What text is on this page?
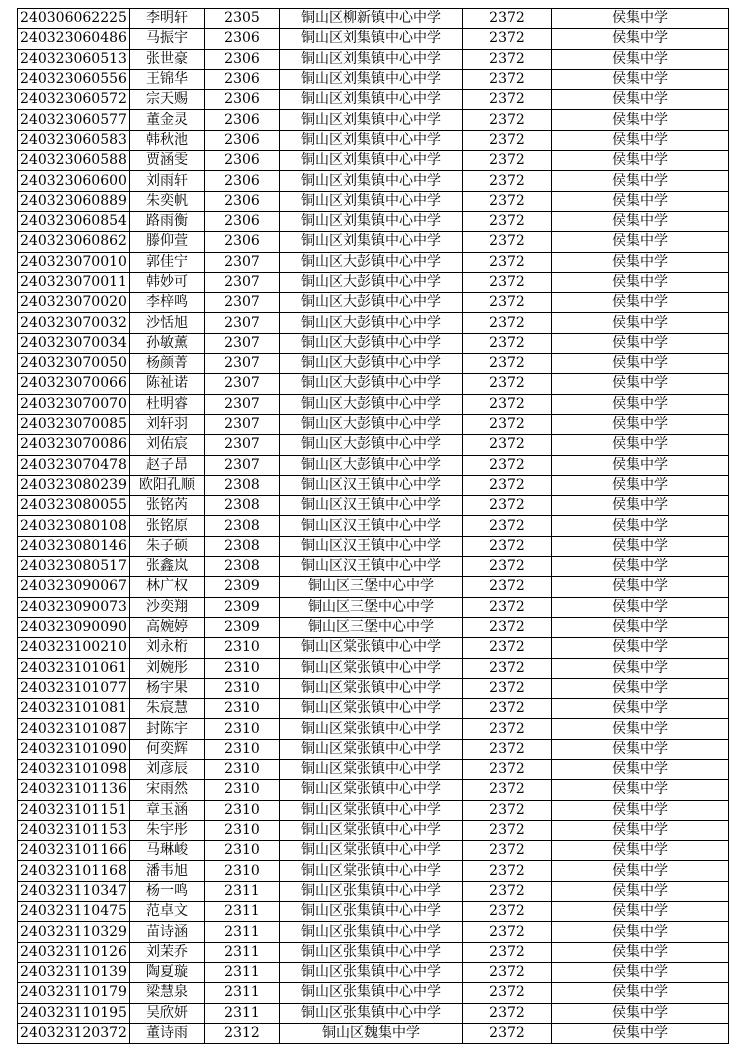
240306062225	李明轩	2305	铜山区柳新镇中心中学	2372	侯集中学
240323060486	马振宇	2306	铜山区刘集镇中心中学	2372	侯集中学
240323060513	张世豪	2306	铜山区刘集镇中心中学	2372	侯集中学
240323060556	王锦华	2306	铜山区刘集镇中心中学	2372	侯集中学
240323060572	宗天赐	2306	铜山区刘集镇中心中学	2372	侯集中学
240323060577	董金灵	2306	铜山区刘集镇中心中学	2372	侯集中学
240323060583	韩秋池	2306	铜山区刘集镇中心中学	2372	侯集中学
240323060588	贾涵雯	2306	铜山区刘集镇中心中学	2372	侯集中学
240323060600	刘雨轩	2306	铜山区刘集镇中心中学	2372	侯集中学
240323060889	朱奕帆	2306	铜山区刘集镇中心中学	2372	侯集中学
240323060854	路雨衡	2306	铜山区刘集镇中心中学	2372	侯集中学
240323060862	滕仰萱	2306	铜山区刘集镇中心中学	2372	侯集中学
240323070010	郭佳宁	2307	铜山区大彭镇中心中学	2372	侯集中学
240323070011	韩妙可	2307	铜山区大彭镇中心中学	2372	侯集中学
240323070020	李梓鸣	2307	铜山区大彭镇中心中学	2372	侯集中学
240323070032	沙恬旭	2307	铜山区大彭镇中心中学	2372	侯集中学
240323070034	孙敏薰	2307	铜山区大彭镇中心中学	2372	侯集中学
240323070050	杨颜菁	2307	铜山区大彭镇中心中学	2372	侯集中学
240323070066	陈祉诺	2307	铜山区大彭镇中心中学	2372	侯集中学
240323070070	杜明睿	2307	铜山区大彭镇中心中学	2372	侯集中学
240323070085	刘轩羽	2307	铜山区大彭镇中心中学	2372	侯集中学
240323070086	刘佑宸	2307	铜山区大彭镇中心中学	2372	侯集中学
240323070478	赵子昂	2307	铜山区大彭镇中心中学	2372	侯集中学
240323080239	欧阳孔顺	2308	铜山区汉王镇中心中学	2372	侯集中学
240323080055	张铭芮	2308	铜山区汉王镇中心中学	2372	侯集中学
240323080108	张铭原	2308	铜山区汉王镇中心中学	2372	侯集中学
240323080146	朱子硕	2308	铜山区汉王镇中心中学	2372	侯集中学
240323080517	张鑫岚	2308	铜山区汉王镇中心中学	2372	侯集中学
240323090067	林广权	2309	铜山区三堡中心中学	2372	侯集中学
240323090073	沙奕翔	2309	铜山区三堡中心中学	2372	侯集中学
240323090090	高婉婷	2309	铜山区三堡中心中学	2372	侯集中学
240323100210	刘永桁	2310	铜山区棠张镇中心中学	2372	侯集中学
240323101061	刘婉彤	2310	铜山区棠张镇中心中学	2372	侯集中学
240323101077	杨宇果	2310	铜山区棠张镇中心中学	2372	侯集中学
240323101081	朱宸慧	2310	铜山区棠张镇中心中学	2372	侯集中学
240323101087	封陈宇	2310	铜山区棠张镇中心中学	2372	侯集中学
240323101090	何奕辉	2310	铜山区棠张镇中心中学	2372	侯集中学
240323101098	刘彦辰	2310	铜山区棠张镇中心中学	2372	侯集中学
240323101136	宋雨然	2310	铜山区棠张镇中心中学	2372	侯集中学
240323101151	章玉涵	2310	铜山区棠张镇中心中学	2372	侯集中学
240323101153	朱宇彤	2310	铜山区棠张镇中心中学	2372	侯集中学
240323101166	马琳峻	2310	铜山区棠张镇中心中学	2372	侯集中学
240323101168	潘韦旭	2310	铜山区棠张镇中心中学	2372	侯集中学
240323110347	杨一鸣	2311	铜山区张集镇中心中学	2372	侯集中学
240323110475	范卓文	2311	铜山区张集镇中心中学	2372	侯集中学
240323110329	苗诗涵	2311	铜山区张集镇中心中学	2372	侯集中学
240323110126	刘茉乔	2311	铜山区张集镇中心中学	2372	侯集中学
240323110139	陶夏璇	2311	铜山区张集镇中心中学	2372	侯集中学
240323110179	梁慧泉	2311	铜山区张集镇中心中学	2372	侯集中学
240323110195	吴欣妍	2311	铜山区张集镇中心中学	2372	侯集中学
240323120372	董诗雨	2312	铜山区魏集中学	2372	侯集中学
